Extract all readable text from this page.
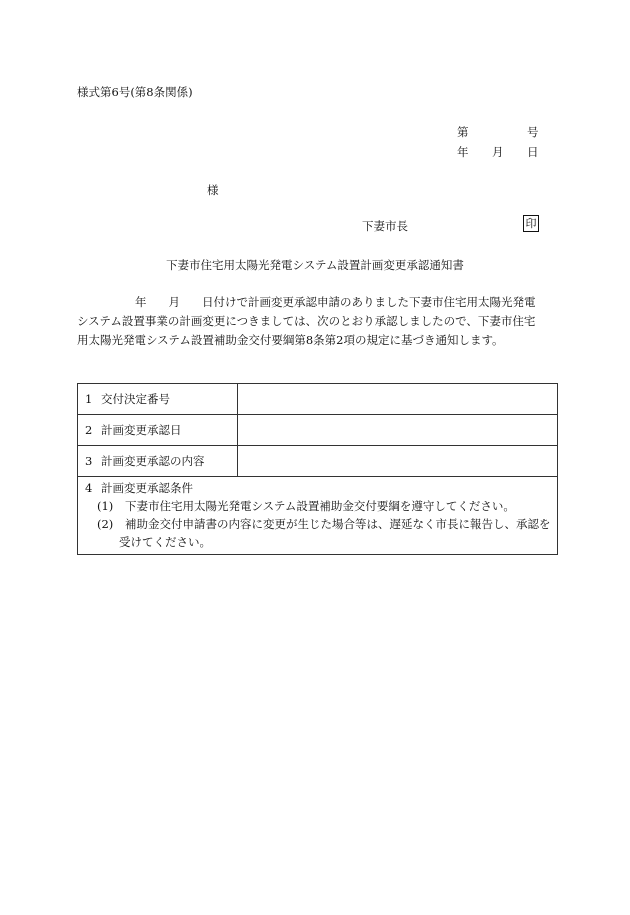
様式第6号(第8条関係)
第	号
年 月 日
様
下妻市長	印
下妻市住宅用太陽光発電システム設置計画変更承認通知書
年 月 日付けで計画変更承認申請のありました下妻市住宅用太陽光発電
システム設置事業の計画変更につきましては、次のとおり承認しましたので、下妻市住宅
用太陽光発電システム設置補助金交付要綱第8条第2項の規定に基づき通知します。
1 交付決定番号	
2 計画変更承認日	
3 計画変更承認の内容	

4 計画変更承認条件
(1) 下妻市住宅用太陽光発電システム設置補助金交付要綱を遵守してください。
(2) 補助金交付申請書の内容に変更が生じた場合等は、遅延なく市長に報告し、承認を受けてください。	
